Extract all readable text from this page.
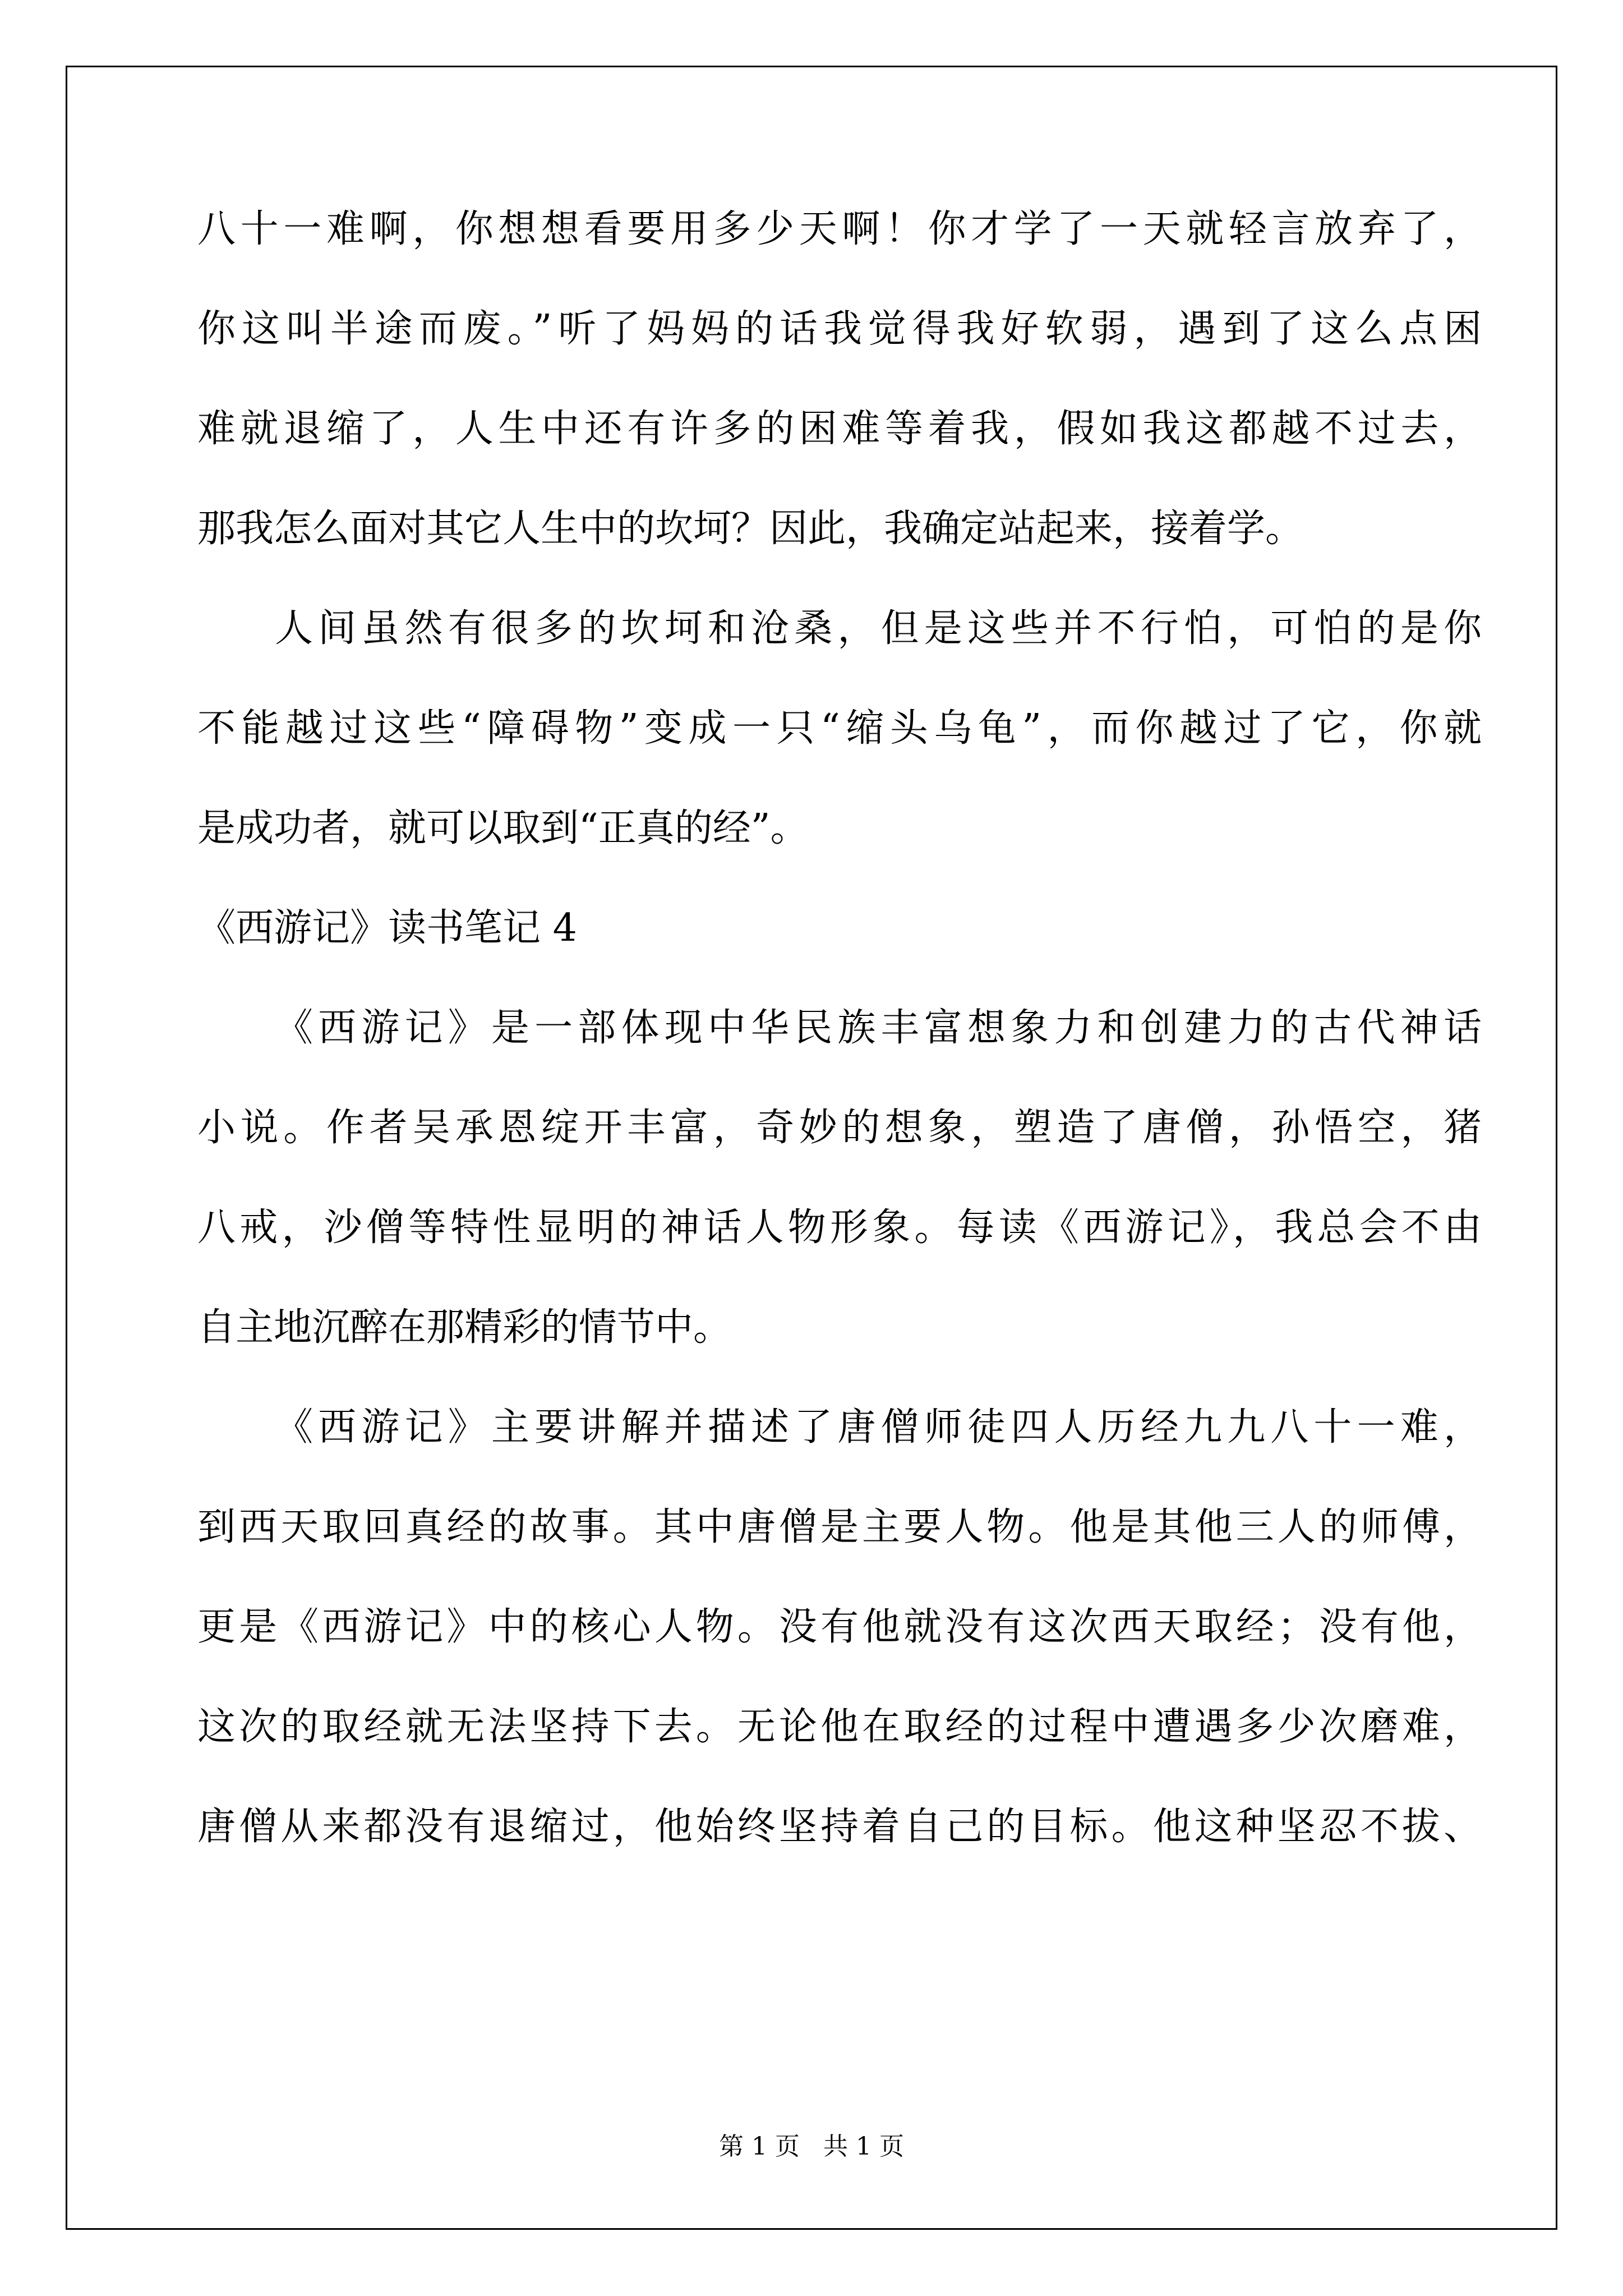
八十一难啊，你想想看要用多少天啊！你才学了一天就轻言放弃了，
你这叫半途而废。”听了妈妈的话我觉得我好软弱，遇到了这么点困
难就退缩了，人生中还有许多的困难等着我，假如我这都越不过去，
那我怎么面对其它人生中的坎坷？因此，我确定站起来，接着学。
人间虽然有很多的坎坷和沧桑，但是这些并不行怕，可怕的是你
不能越过这些“障碍物”变成一只“缩头乌龟”，而你越过了它，你就
是成功者，就可以取到“正真的经”。
《西游记》读书笔记 4
《西游记》是一部体现中华民族丰富想象力和创建力的古代神话
小说。作者吴承恩绽开丰富，奇妙的想象，塑造了唐僧，孙悟空，猪
八戒，沙僧等特性显明的神话人物形象。每读《西游记》，我总会不由
自主地沉醉在那精彩的情节中。
《西游记》主要讲解并描述了唐僧师徒四人历经九九八十一难，
到西天取回真经的故事。其中唐僧是主要人物。他是其他三人的师傅，
更是《西游记》中的核心人物。没有他就没有这次西天取经；没有他，
这次的取经就无法坚持下去。无论他在取经的过程中遭遇多少次磨难，
唐僧从来都没有退缩过，他始终坚持着自己的目标。他这种坚忍不拔、
第 1 页   共 1 页
